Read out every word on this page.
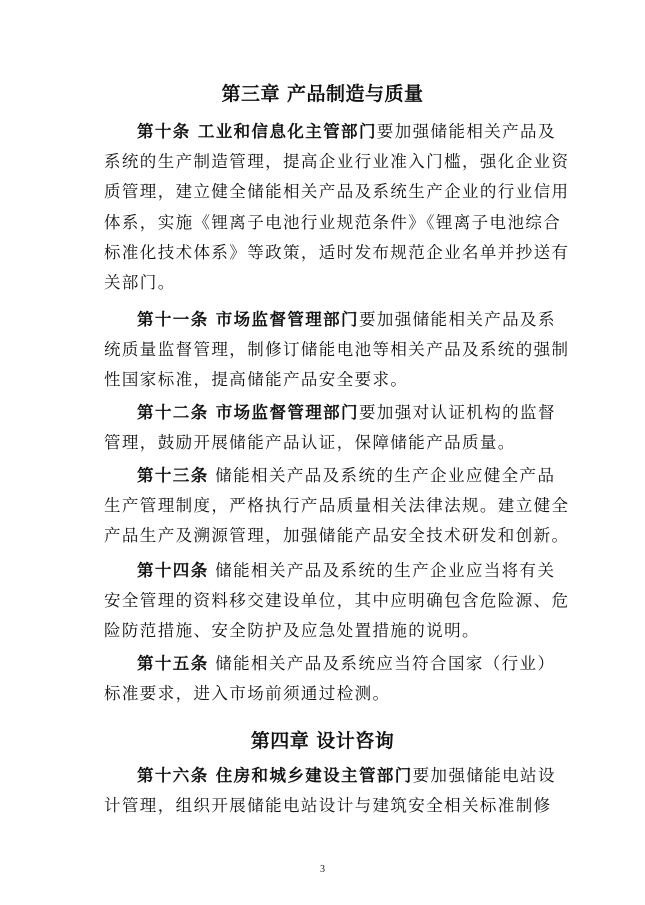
第三章 产品制造与质量
第十条 工业和信息化主管部门要加强储能相关产品及
系统的生产制造管理，提高企业行业准入门槛，强化企业资
质管理，建立健全储能相关产品及系统生产企业的行业信用
体系，实施《锂离子电池行业规范条件》《锂离子电池综合
标准化技术体系》等政策，适时发布规范企业名单并抄送有
关部门。
第十一条 市场监督管理部门要加强储能相关产品及系
统质量监督管理，制修订储能电池等相关产品及系统的强制
性国家标准，提高储能产品安全要求。
第十二条 市场监督管理部门要加强对认证机构的监督
管理，鼓励开展储能产品认证，保障储能产品质量。
第十三条 储能相关产品及系统的生产企业应健全产品
生产管理制度，严格执行产品质量相关法律法规。建立健全
产品生产及溯源管理，加强储能产品安全技术研发和创新。
第十四条 储能相关产品及系统的生产企业应当将有关
安全管理的资料移交建设单位，其中应明确包含危险源、危
险防范措施、安全防护及应急处置措施的说明。
第十五条 储能相关产品及系统应当符合国家（行业）
标准要求，进入市场前须通过检测。
第四章 设计咨询
第十六条 住房和城乡建设主管部门要加强储能电站设
计管理，组织开展储能电站设计与建筑安全相关标准制修
3
